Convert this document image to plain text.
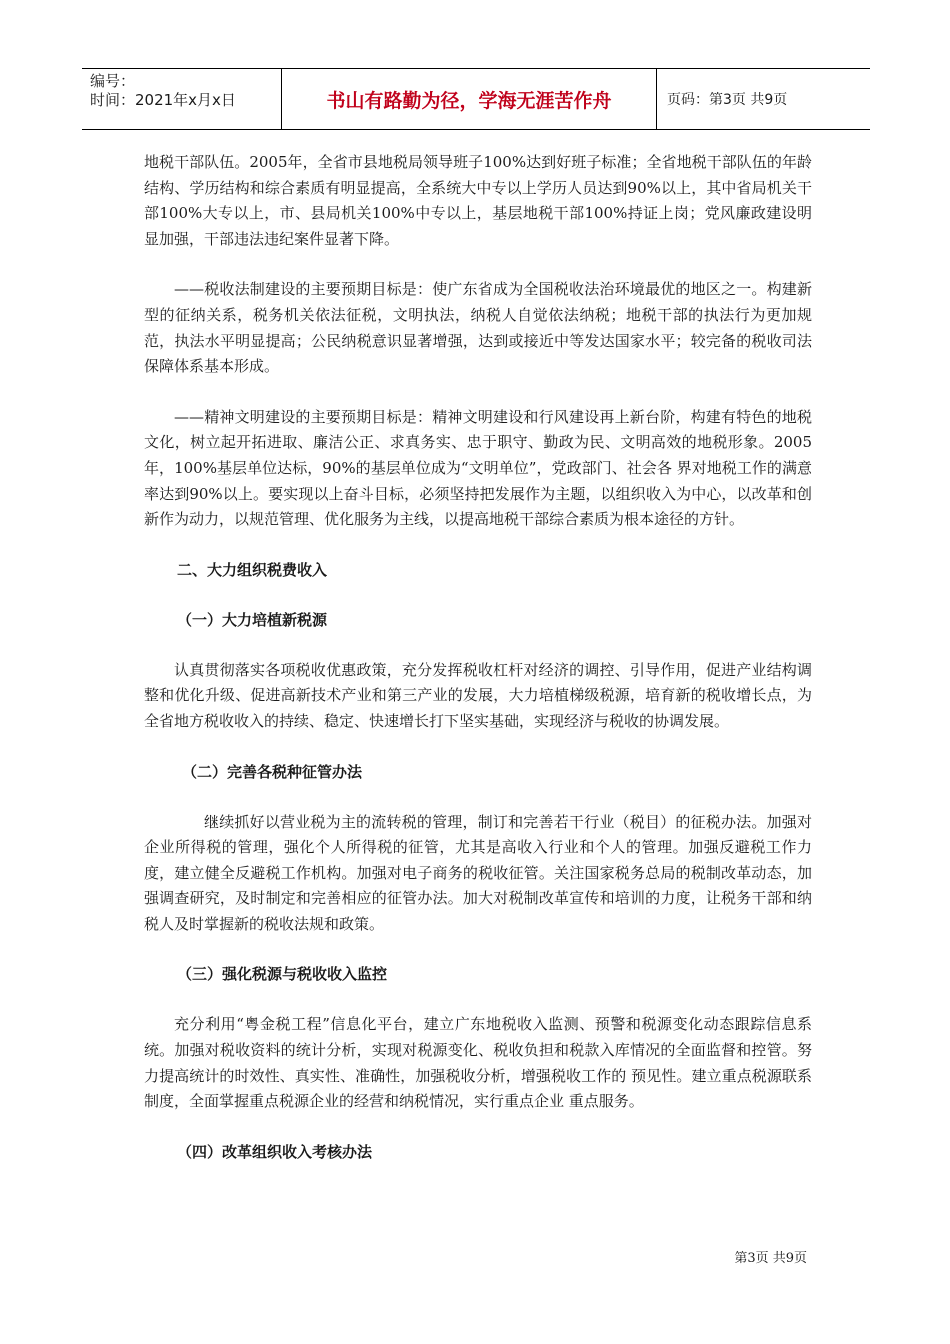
编号：
时间：2021年x月x日	书山有路勤为径，学海无涯苦作舟	页码：第3页 共9页

地税干部队伍。2005年，全省市县地税局领导班子100%达到好班子标准；全省地税干部队伍的年龄结构、学历结构和综合素质有明显提高，全系统大中专以上学历人员达到90%以上，其中省局机关干部100%大专以上，市、县局机关100%中专以上，基层地税干部100%持证上岗；党风廉政建设明显加强，干部违法违纪案件显著下降。

——税收法制建设的主要预期目标是：使广东省成为全国税收法治环境最优的地区之一。构建新型的征纳关系，税务机关依法征税，文明执法，纳税人自觉依法纳税；地税干部的执法行为更加规范，执法水平明显提高；公民纳税意识显著增强，达到或接近中等发达国家水平；较完备的税收司法保障体系基本形成。

——精神文明建设的主要预期目标是：精神文明建设和行风建设再上新台阶，构建有特色的地税文化，树立起开拓进取、廉洁公正、求真务实、忠于职守、勤政为民、文明高效的地税形象。2005年，100%基层单位达标，90%的基层单位成为“文明单位”，党政部门、社会各 界对地税工作的满意率达到90%以上。要实现以上奋斗目标，必须坚持把发展作为主题，以组织收入为中心，以改革和创新作为动力，以规范管理、优化服务为主线，以提高地税干部综合素质为根本途径的方针。

二、大力组织税费收入
（一）大力培植新税源

认真贯彻落实各项税收优惠政策，充分发挥税收杠杆对经济的调控、引导作用，促进产业结构调整和优化升级、促进高新技术产业和第三产业的发展，大力培植梯级税源，培育新的税收增长点，为全省地方税收收入的持续、稳定、快速增长打下坚实基础，实现经济与税收的协调发展。

（二）完善各税种征管办法

继续抓好以营业税为主的流转税的管理，制订和完善若干行业（税目）的征税办法。加强对企业所得税的管理，强化个人所得税的征管，尤其是高收入行业和个人的管理。加强反避税工作力度，建立健全反避税工作机构。加强对电子商务的税收征管。关注国家税务总局的税制改革动态，加强调查研究，及时制定和完善相应的征管办法。加大对税制改革宣传和培训的力度，让税务干部和纳税人及时掌握新的税收法规和政策。

（三）强化税源与税收收入监控

充分利用“粤金税工程”信息化平台，建立广东地税收入监测、预警和税源变化动态跟踪信息系统。加强对税收资料的统计分析，实现对税源变化、税收负担和税款入库情况的全面监督和控管。努力提高统计的时效性、真实性、准确性，加强税收分析，增强税收工作的 预见性。建立重点税源联系制度，全面掌握重点税源企业的经营和纳税情况，实行重点企业 重点服务。

（四）改革组织收入考核办法
第3页 共9页
